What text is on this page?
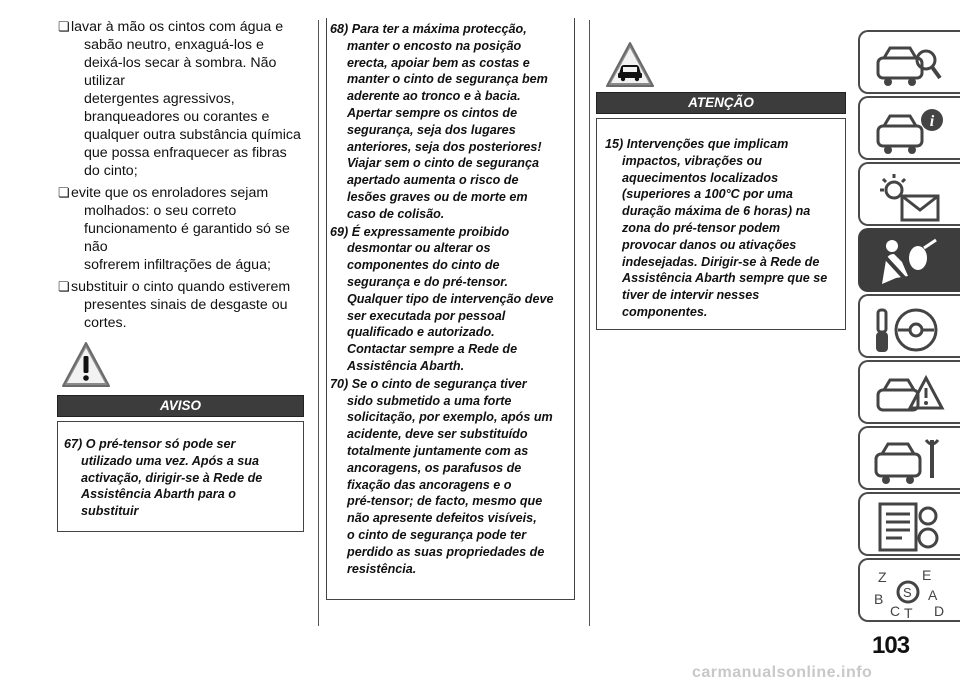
❏ lavar à mão os cintos com água e
sabão neutro, enxaguá-los e
deixá-los secar à sombra. Não utilizar
detergentes agressivos,
branqueadores ou corantes e
qualquer outra substância química
que possa enfraquecer as fibras
do cinto;
❏ evite que os enroladores sejam
molhados: o seu correto
funcionamento é garantido só se não
sofrerem infiltrações de água;
❏ substituir o cinto quando estiverem
presentes sinais de desgaste ou
cortes.
AVISO
67) O pré-tensor só pode ser
utilizado uma vez. Após a sua
activação, dirigir-se à Rede de
Assistência Abarth para o
substituir
68) Para ter a máxima protecção,
manter o encosto na posição
erecta, apoiar bem as costas e
manter o cinto de segurança bem
aderente ao tronco e à bacia.
Apertar sempre os cintos de
segurança, seja dos lugares
anteriores, seja dos posteriores!
Viajar sem o cinto de segurança
apertado aumenta o risco de
lesões graves ou de morte em
caso de colisão.
69) É expressamente proibido
desmontar ou alterar os
componentes do cinto de
segurança e do pré-tensor.
Qualquer tipo de intervenção deve
ser executada por pessoal
qualificado e autorizado.
Contactar sempre a Rede de
Assistência Abarth.
70) Se o cinto de segurança tiver
sido submetido a uma forte
solicitação, por exemplo, após um
acidente, deve ser substituído
totalmente juntamente com as
ancoragens, os parafusos de
fixação das ancoragens e o
pré-tensor; de facto, mesmo que
não apresente defeitos visíveis,
o cinto de segurança pode ter
perdido as suas propriedades de
resistência.
ATENÇÃO
15) Intervenções que implicam
impactos, vibrações ou
aquecimentos localizados
(superiores a 100°C por uma
duração máxima de 6 horas) na
zona do pré-tensor podem
provocar danos ou ativações
indesejadas. Dirigir-se à Rede de
Assistência Abarth sempre que se
tiver de intervir nesses
componentes.
i
Z	E
B	A
C T D
S
103
carmanualsonline.info
